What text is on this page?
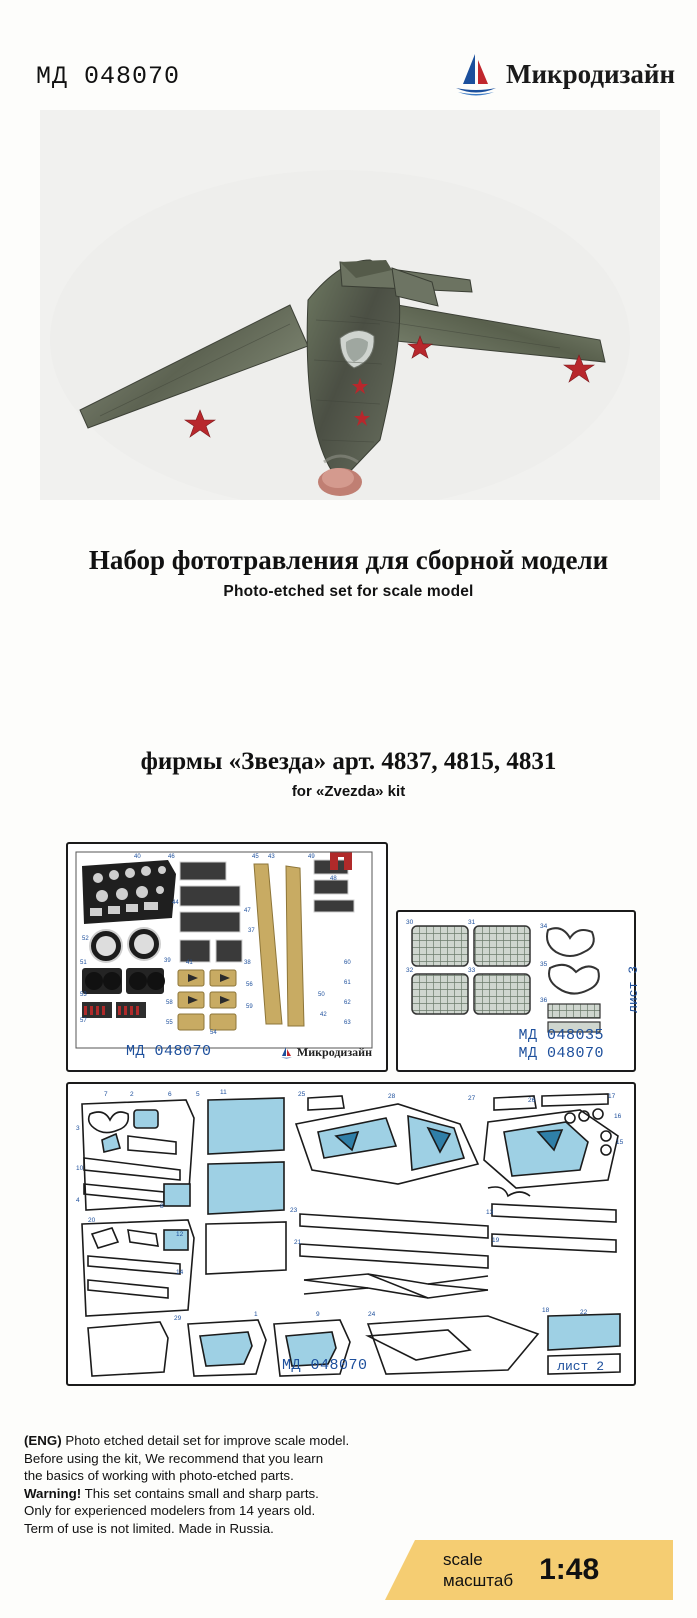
МД 048070	Микродизайн
Набор фототравления для сборной модели
Photo-etched set for scale model
фирмы «Звезда» арт. 4837, 4815, 4831
for «Zvezda» kit
45 43	49
46
40
48
52
44
47
37
39	41
51
53
57
38
56
59
58
55
54
50
42
60
61
62
63
МД 048070	Микродизайн
30	31
32	33
34
35
36	лист 3
МД 048035
МД 048070
7	2	6	5	11	25	28	27	26
17
16
15
3
10
4
8
20
12
14
23
21
13
19
9	24
18	22
1
29
МД 048070	лист 2
(ENG) Photo etched detail set for improve scale model.
Before using the kit, We recommend that you learn
the basics of working with photo-etched parts.
Warning! This set contains small and sharp parts.
Only for experienced modelers from 14 years old.
Term of use is not limited. Made in Russia.
scale
масштаб 1:48
